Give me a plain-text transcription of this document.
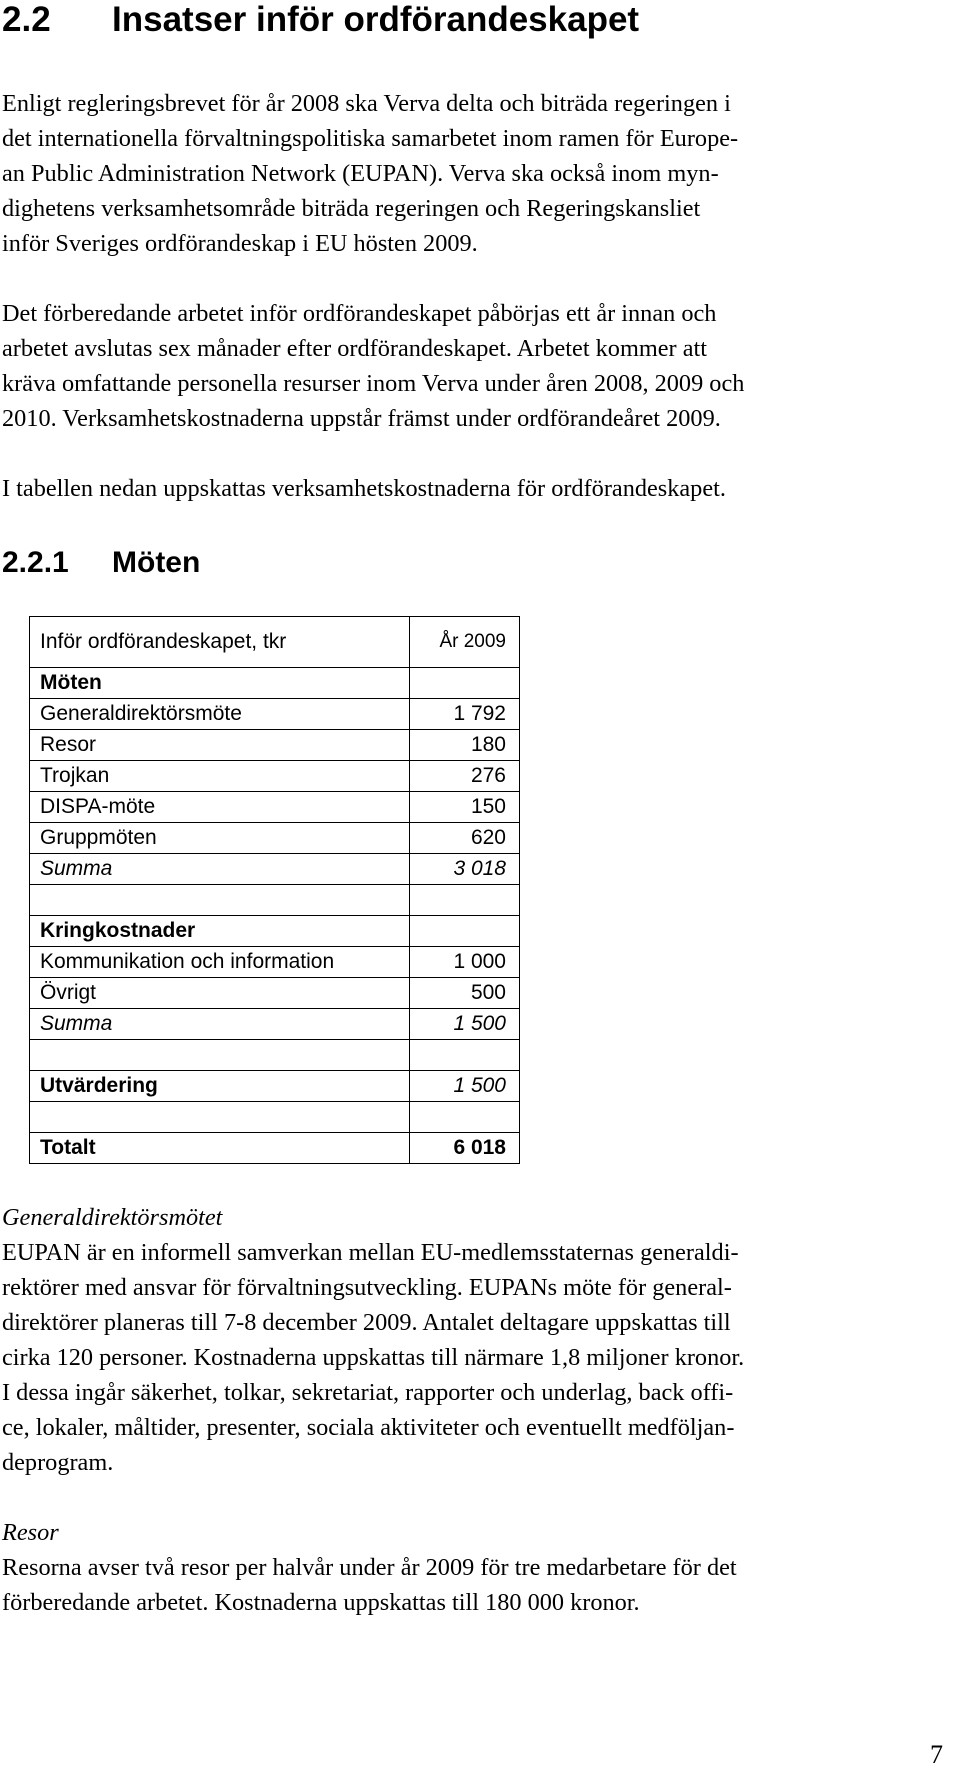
2.2 Insatser inför ordförandeskapet
Enligt regleringsbrevet för år 2008 ska Verva delta och biträda regeringen i
det internationella förvaltningspolitiska samarbetet inom ramen för Europe-
an Public Administration Network (EUPAN). Verva ska också inom myn-
dighetens verksamhetsområde biträda regeringen och Regeringskansliet
inför Sveriges ordförandeskap i EU hösten 2009.
Det förberedande arbetet inför ordförandeskapet påbörjas ett år innan och
arbetet avslutas sex månader efter ordförandeskapet. Arbetet kommer att
kräva omfattande personella resurser inom Verva under åren 2008, 2009 och
2010. Verksamhetskostnaderna uppstår främst under ordförandeåret 2009.
I tabellen nedan uppskattas verksamhetskostnaderna för ordförandeskapet.
2.2.1 Möten
Inför ordförandeskapet, tkr	År 2009
Möten	
Generaldirektörsmöte	1 792
Resor	180
Trojkan	276
DISPA-möte	150
Gruppmöten	620
Summa	3 018

Kringkostnader	
Kommunikation och information	1 000
Övrigt	500
Summa	1 500

Utvärdering	1 500

Totalt	6 018
Generaldirektörsmötet
EUPAN är en informell samverkan mellan EU-medlemsstaternas generaldi-
rektörer med ansvar för förvaltningsutveckling. EUPANs möte för general-
direktörer planeras till 7-8 december 2009. Antalet deltagare uppskattas till
cirka 120 personer. Kostnaderna uppskattas till närmare 1,8 miljoner kronor.
I dessa ingår säkerhet, tolkar, sekretariat, rapporter och underlag, back offi-
ce, lokaler, måltider, presenter, sociala aktiviteter och eventuellt medföljan-
deprogram.
Resor
Resorna avser två resor per halvår under år 2009 för tre medarbetare för det
förberedande arbetet. Kostnaderna uppskattas till 180 000 kronor.
7
